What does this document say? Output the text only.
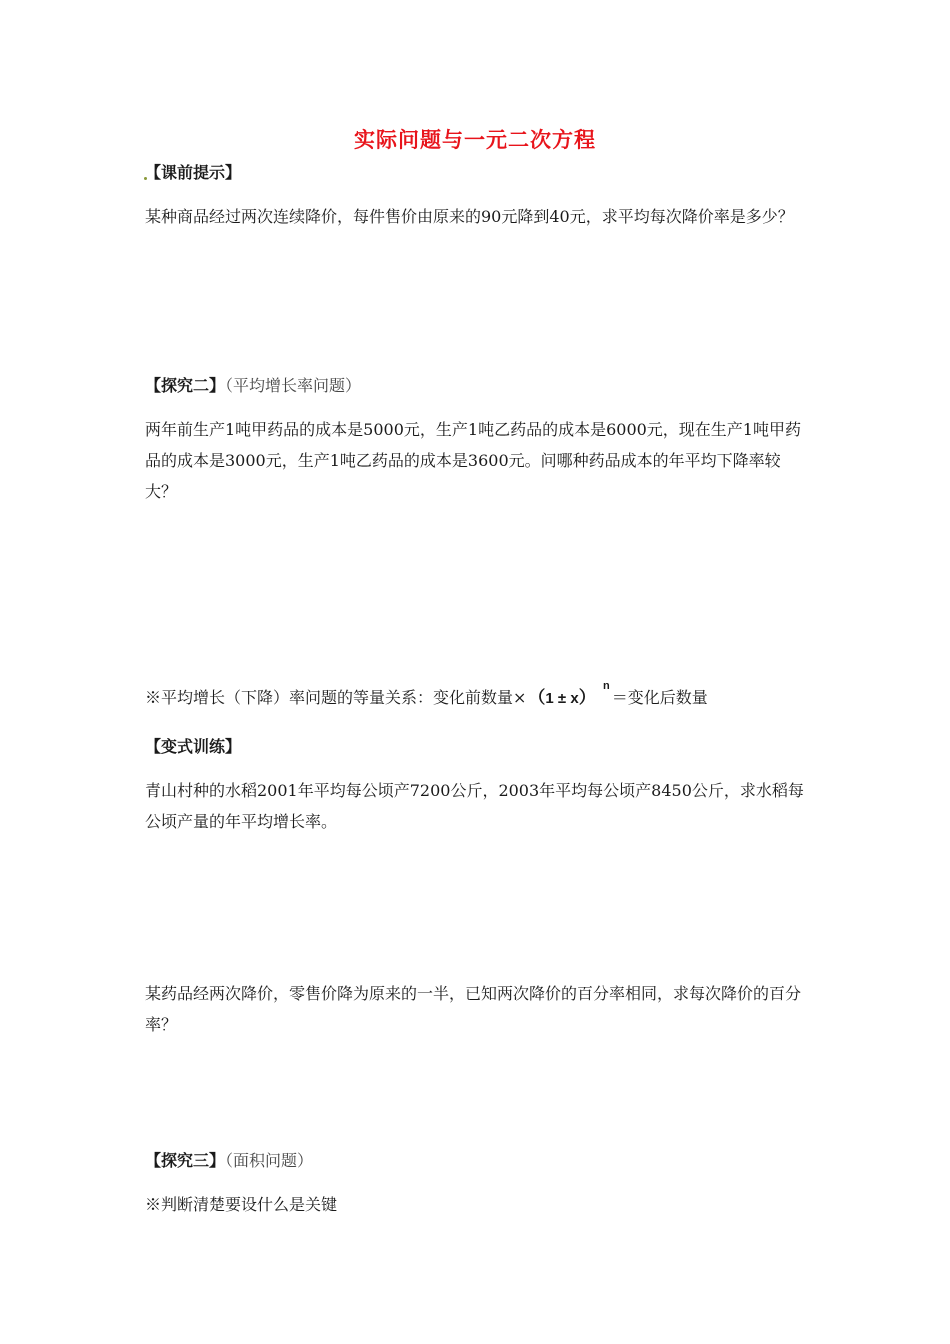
实际问题与一元二次方程
【课前提示】
某种商品经过两次连续降价，每件售价由原来的90元降到40元，求平均每次降价率是多少？
【探究二】（平均增长率问题）
两年前生产1吨甲药品的成本是5000元，生产1吨乙药品的成本是6000元，现在生产1吨甲药品的成本是3000元，生产1吨乙药品的成本是3600元。问哪种药品成本的年平均下降率较大？
※平均增长（下降）率问题的等量关系：变化前数量× （1 ± x）
n
＝变化后数量
【变式训练】
青山村种的水稻2001年平均每公顷产7200公斤，2003年平均每公顷产8450公斤，求水稻每公顷产量的年平均增长率。
某药品经两次降价，零售价降为原来的一半，已知两次降价的百分率相同，求每次降价的百分率？
【探究三】（面积问题）
※判断清楚要设什么是关键
